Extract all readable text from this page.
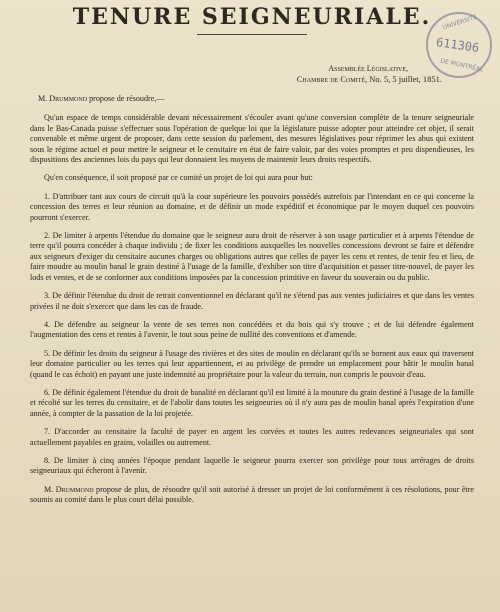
TENURE SEIGNEURIALE.	UNIVERSITÉ
611306
DE MONTRÉAL
Assemblée Législative,
Chambre de Comité, No. 5, 5 juillet, 1851.

M. Drummond propose de résoudre,—

Qu'un espace de temps considérable devant nécessairement s'écouler avant qu'une conversion complète de la tenure seigneuriale dans le Bas-Canada puisse s'effectuer sous l'opération de quelque loi que la législature puisse adopter pour atteindre cet objet, il serait convenable et même urgent de proposer, dans cette session du parlement, des mesures législatives pour réprimer les abus qui existent sous le régime actuel et pour mettre le seigneur et le censitaire en état de faire valoir, par des voies promptes et peu dispendieuses, les dispositions des anciennes lois du pays qui leur donnaient les moyens de maintenir leurs droits respectifs.

Qu'en conséquence, il soit proposé par ce comité un projet de loi qui aura pour but:

1. D'attribuer tant aux cours de circuit qu'à la cour supérieure les pouvoirs possédés autrefois par l'intendant en ce qui concerne la concession des terres et leur réunion au domaine, et de définir un mode expéditif et économique par le moyen duquel ces pouvoirs pourront s'exercer.

2. De limiter à arpents l'étendue du domaine que le seigneur aura droit de réserver à son usage particulier et à arpents l'étendue de terre qu'il pourra concéder à chaque individu ; de fixer les conditions auxquelles les nouvelles concessions devront se faire et défendre aux seigneurs d'exiger du censitaire aucunes charges ou obligations autres que celles de payer les cens et rentes, de tenir feu et lieu, de faire moudre au moulin banal le grain destiné à l'usage de la famille, d'exhiber son titre d'acquisition et passer titre-nouvel, de payer les lods et ventes, et de se conformer aux conditions imposées par la concession primitive en faveur du souverain ou du public.

3. De définir l'étendue du droit de retrait conventionnel en déclarant qu'il ne s'étend pas aux ventes judiciaires et que dans les ventes privées il ne doit s'exercer que dans les cas de fraude.

4. De défendre au seigneur la vente de ses terres non concédées et du bois qui s'y trouve ; et de lui défendre également l'augmentation des cens et rentes à l'avenir, le tout sous peine de nullité des conventions et d'amende.

5. De définir les droits du seigneur à l'usage des rivières et des sites de moulin en déclarant qu'ils se bornent aux eaux qui traversent leur domaine particulier ou les terres qui leur appartiennent, et au privilège de prendre un emplacement pour bâtir le moulin banal (quand le cas échoit) en payant une juste indemnité au propriétaire pour la valeur du terrain, non compris le pouvoir d'eau.

6. De définir également l'étendue du droit de banalité en déclarant qu'il est limité à la mouture du grain destiné à l'usage de la famille et récolté sur les terres du censitaire, et de l'abolir dans toutes les seigneuries où il n'y aura pas de moulin banal après l'expiration d'une année, à compter de la passation de la loi projetée.

7. D'accorder au censitaire la faculté de payer en argent les corvées et toutes les autres redevances seigneuriales qui sont actuellement payables en grains, volailles ou autrement.

8. De limiter à cinq années l'époque pendant laquelle le seigneur pourra exercer son privilège pour tous arrérages de droits seigneuriaux qui écheront à l'avenir.

M. Drummond propose de plus, de résoudre qu'il soit autorisé à dresser un projet de loi conformément à ces résolutions, pour être soumis au comité dans le plus court délai possible.
